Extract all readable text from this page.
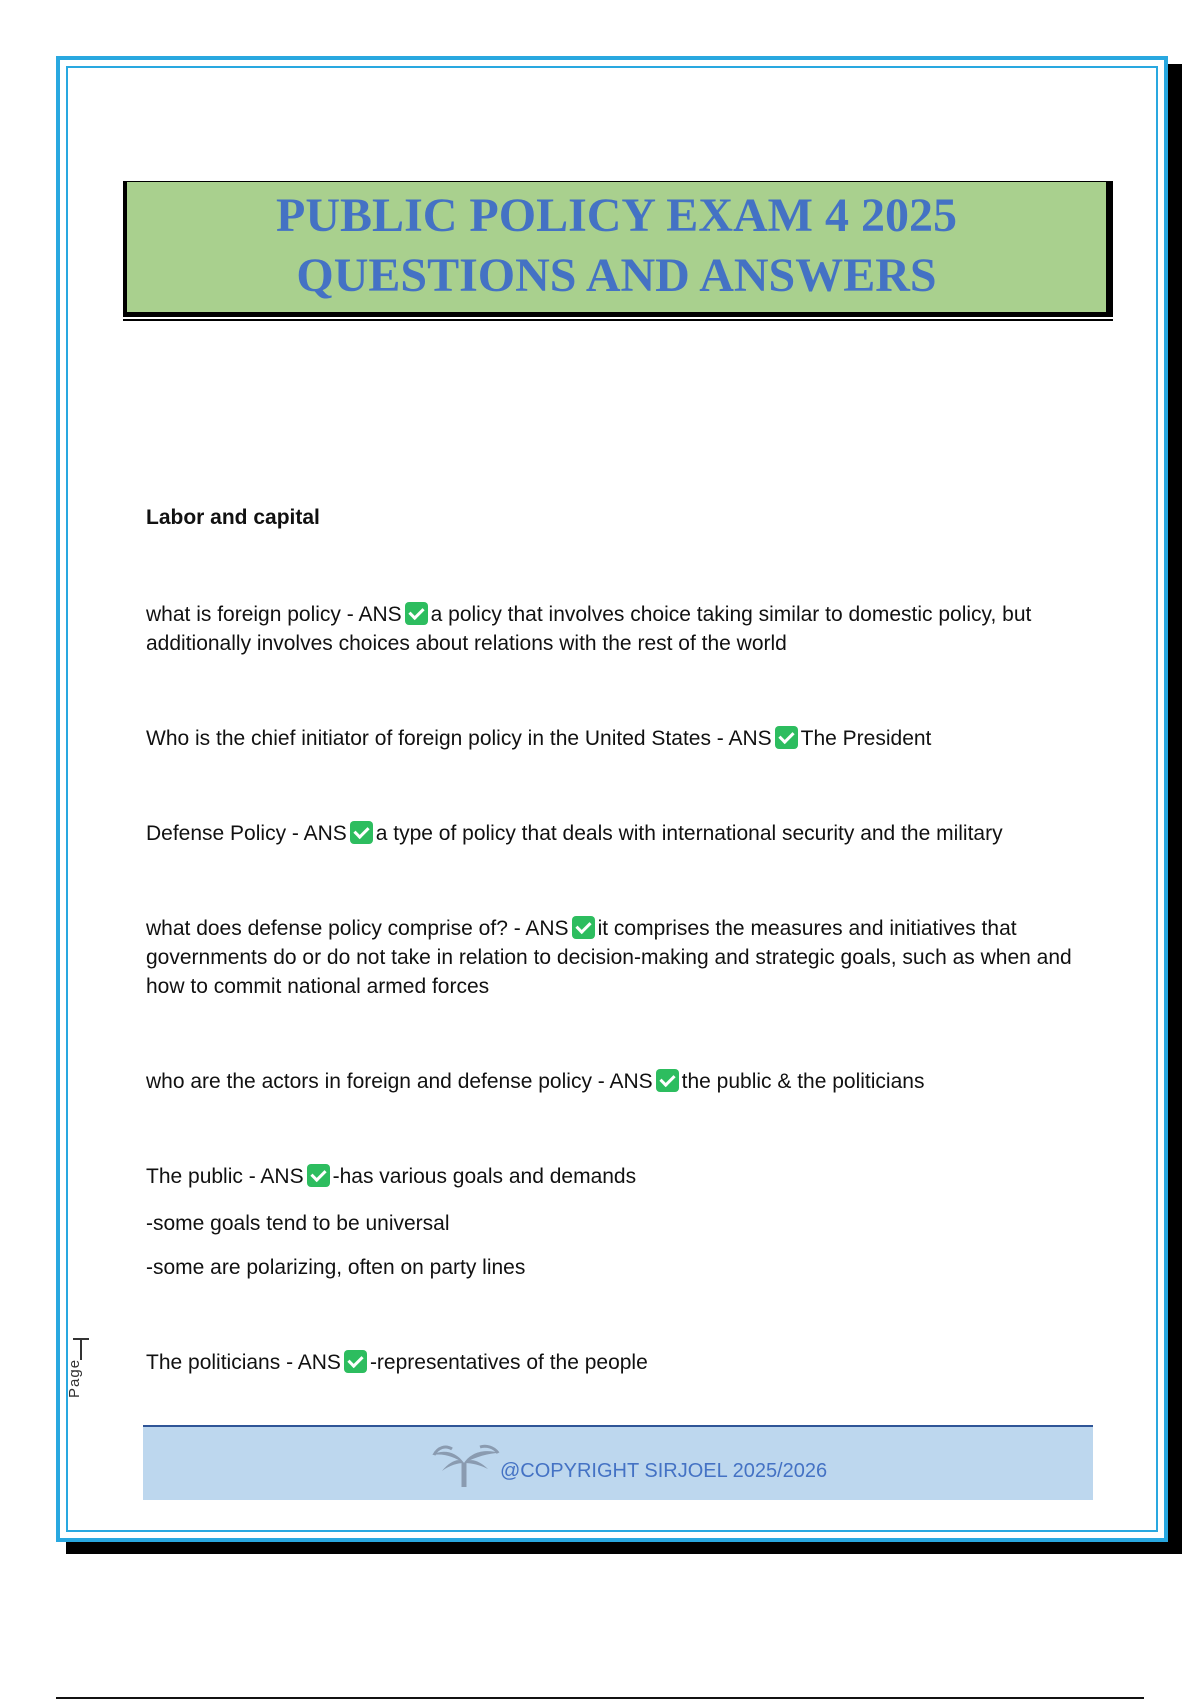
PUBLIC POLICY EXAM 4 2025
QUESTIONS AND ANSWERS
Labor and capital
what is foreign policy - ANS a policy that involves choice taking similar to domestic policy, but additionally involves choices about relations with the rest of the world
Who is the chief initiator of foreign policy in the United States - ANS The President
Defense Policy - ANS a type of policy that deals with international security and the military
what does defense policy comprise of? - ANS it comprises the measures and initiatives that governments do or do not take in relation to decision-making and strategic goals, such as when and how to commit national armed forces
who are the actors in foreign and defense policy - ANS the public & the politicians
The public - ANS -has various goals and demands
-some goals tend to be universal
-some are polarizing, often on party lines
The politicians - ANS -representatives of the people
Page
@COPYRIGHT SIRJOEL 2025/2026
